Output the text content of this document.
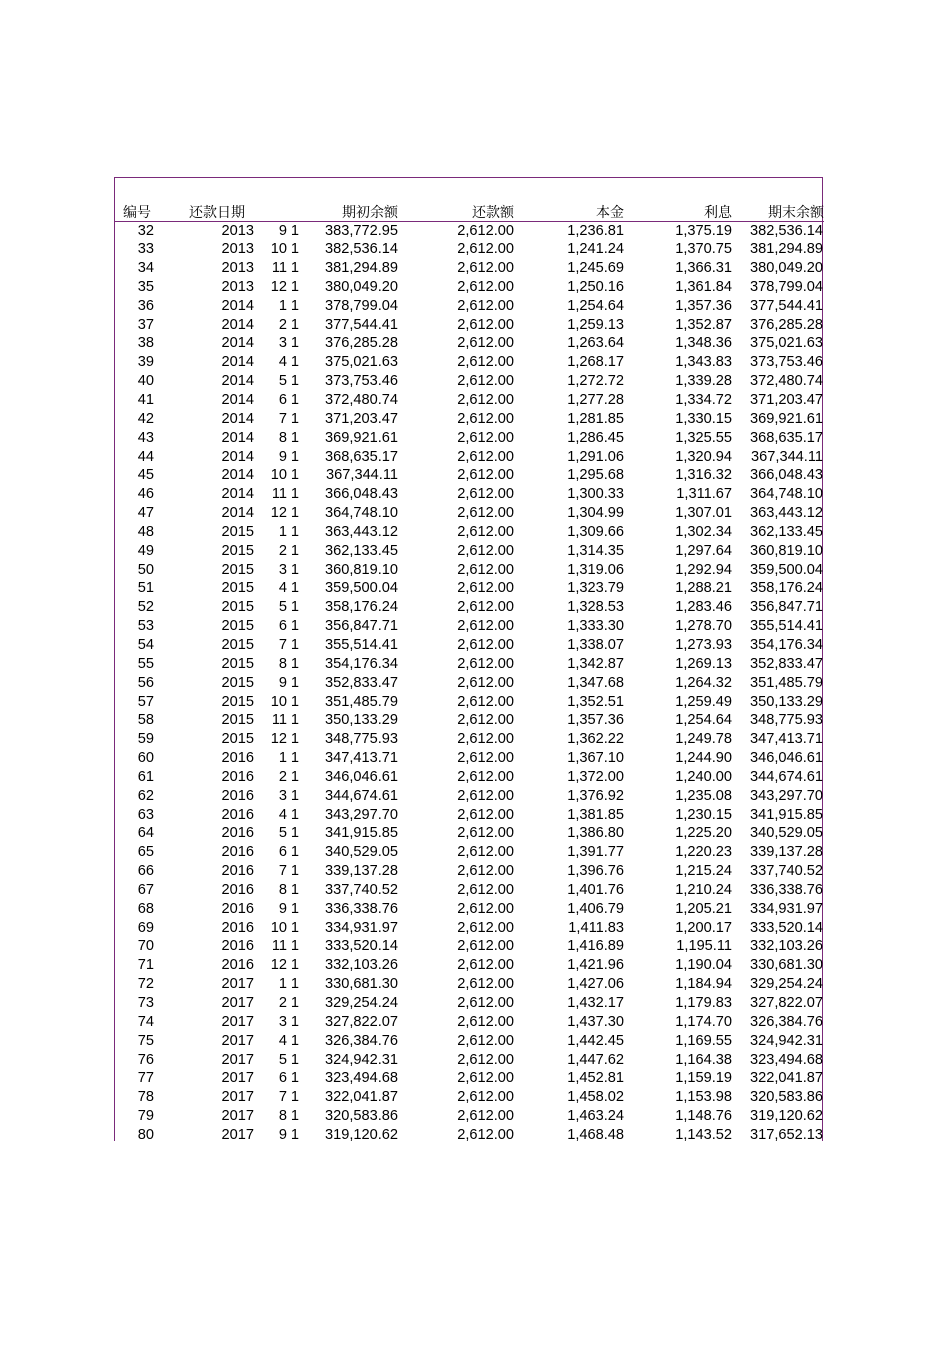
编号	还款日期			期初余额	还款额	本金	利息	期末余额
32	2013	9	1	383,772.95	2,612.00	1,236.81	1,375.19	382,536.14
33	2013	10	1	382,536.14	2,612.00	1,241.24	1,370.75	381,294.89
34	2013	11	1	381,294.89	2,612.00	1,245.69	1,366.31	380,049.20
35	2013	12	1	380,049.20	2,612.00	1,250.16	1,361.84	378,799.04
36	2014	1	1	378,799.04	2,612.00	1,254.64	1,357.36	377,544.41
37	2014	2	1	377,544.41	2,612.00	1,259.13	1,352.87	376,285.28
38	2014	3	1	376,285.28	2,612.00	1,263.64	1,348.36	375,021.63
39	2014	4	1	375,021.63	2,612.00	1,268.17	1,343.83	373,753.46
40	2014	5	1	373,753.46	2,612.00	1,272.72	1,339.28	372,480.74
41	2014	6	1	372,480.74	2,612.00	1,277.28	1,334.72	371,203.47
42	2014	7	1	371,203.47	2,612.00	1,281.85	1,330.15	369,921.61
43	2014	8	1	369,921.61	2,612.00	1,286.45	1,325.55	368,635.17
44	2014	9	1	368,635.17	2,612.00	1,291.06	1,320.94	367,344.11
45	2014	10	1	367,344.11	2,612.00	1,295.68	1,316.32	366,048.43
46	2014	11	1	366,048.43	2,612.00	1,300.33	1,311.67	364,748.10
47	2014	12	1	364,748.10	2,612.00	1,304.99	1,307.01	363,443.12
48	2015	1	1	363,443.12	2,612.00	1,309.66	1,302.34	362,133.45
49	2015	2	1	362,133.45	2,612.00	1,314.35	1,297.64	360,819.10
50	2015	3	1	360,819.10	2,612.00	1,319.06	1,292.94	359,500.04
51	2015	4	1	359,500.04	2,612.00	1,323.79	1,288.21	358,176.24
52	2015	5	1	358,176.24	2,612.00	1,328.53	1,283.46	356,847.71
53	2015	6	1	356,847.71	2,612.00	1,333.30	1,278.70	355,514.41
54	2015	7	1	355,514.41	2,612.00	1,338.07	1,273.93	354,176.34
55	2015	8	1	354,176.34	2,612.00	1,342.87	1,269.13	352,833.47
56	2015	9	1	352,833.47	2,612.00	1,347.68	1,264.32	351,485.79
57	2015	10	1	351,485.79	2,612.00	1,352.51	1,259.49	350,133.29
58	2015	11	1	350,133.29	2,612.00	1,357.36	1,254.64	348,775.93
59	2015	12	1	348,775.93	2,612.00	1,362.22	1,249.78	347,413.71
60	2016	1	1	347,413.71	2,612.00	1,367.10	1,244.90	346,046.61
61	2016	2	1	346,046.61	2,612.00	1,372.00	1,240.00	344,674.61
62	2016	3	1	344,674.61	2,612.00	1,376.92	1,235.08	343,297.70
63	2016	4	1	343,297.70	2,612.00	1,381.85	1,230.15	341,915.85
64	2016	5	1	341,915.85	2,612.00	1,386.80	1,225.20	340,529.05
65	2016	6	1	340,529.05	2,612.00	1,391.77	1,220.23	339,137.28
66	2016	7	1	339,137.28	2,612.00	1,396.76	1,215.24	337,740.52
67	2016	8	1	337,740.52	2,612.00	1,401.76	1,210.24	336,338.76
68	2016	9	1	336,338.76	2,612.00	1,406.79	1,205.21	334,931.97
69	2016	10	1	334,931.97	2,612.00	1,411.83	1,200.17	333,520.14
70	2016	11	1	333,520.14	2,612.00	1,416.89	1,195.11	332,103.26
71	2016	12	1	332,103.26	2,612.00	1,421.96	1,190.04	330,681.30
72	2017	1	1	330,681.30	2,612.00	1,427.06	1,184.94	329,254.24
73	2017	2	1	329,254.24	2,612.00	1,432.17	1,179.83	327,822.07
74	2017	3	1	327,822.07	2,612.00	1,437.30	1,174.70	326,384.76
75	2017	4	1	326,384.76	2,612.00	1,442.45	1,169.55	324,942.31
76	2017	5	1	324,942.31	2,612.00	1,447.62	1,164.38	323,494.68
77	2017	6	1	323,494.68	2,612.00	1,452.81	1,159.19	322,041.87
78	2017	7	1	322,041.87	2,612.00	1,458.02	1,153.98	320,583.86
79	2017	8	1	320,583.86	2,612.00	1,463.24	1,148.76	319,120.62
80	2017	9	1	319,120.62	2,612.00	1,468.48	1,143.52	317,652.13
